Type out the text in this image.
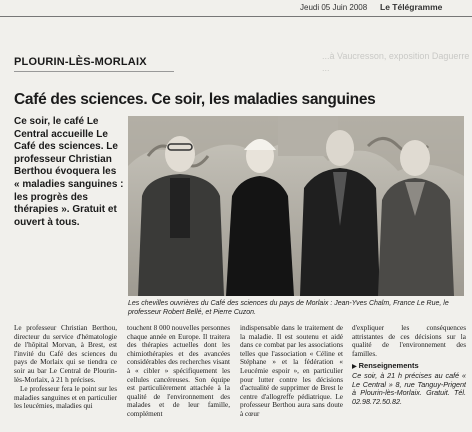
Jeudi 05 Juin 2008 Le Télégramme
PLOURIN-LÈS-MORLAIX	...à Vaucresson, exposition Daguerre ...
Café des sciences. Ce soir, les maladies sanguines
Ce soir, le café Le Central accueille Le Café des sciences. Le professeur Christian Berthou évoquera les « maladies sanguines : les progrès des thérapies ». Gratuit et ouvert à tous.
Les chevilles ouvrières du Café des sciences du pays de Morlaix : Jean-Yves Chalm, France Le Rue, le professeur Robert Bellé, et Pierre Cuzon.

Le professeur Christian Berthou, directeur du service d'hématologie de l'hôpital Morvan, à Brest, est l'invité du Café des sciences du pays de Morlaix qui se tiendra ce soir au bar Le Central de Plourin-lès-Morlaix, à 21 h précises.

Le professeur fera le point sur les maladies sanguines et en particulier les leucémies, maladies qui

touchent 8 000 nouvelles personnes chaque année en Europe. Il traitera des thérapies actuelles dont les chimiothérapies et des avancées considérables des recherches visant à « cibler » spécifiquement les cellules cancéreuses. Son équipe est particulièrement attachée à la qualité de l'environnement des malades et de leur famille, complément

indispensable dans le traitement de la maladie. Il est soutenu et aidé dans ce combat par les associations telles que l'association « Céline et Stéphane » et la fédération « Leucémie espoir », en particulier pour lutter contre les décisions d'actualité de supprimer de Brest le centre d'allogreffe pédiatrique. Le professeur Berthou aura sans doute à cœur

d'expliquer les conséquences attristantes de ces décisions sur la qualité de l'environnement des familles.

▶ Renseignements
Ce soir, à 21 h précises au café « Le Central » 8, rue Tanguy-Prigent à Plourin-lès-Morlaix. Gratuit. Tél. 02.98.72.50.82.
